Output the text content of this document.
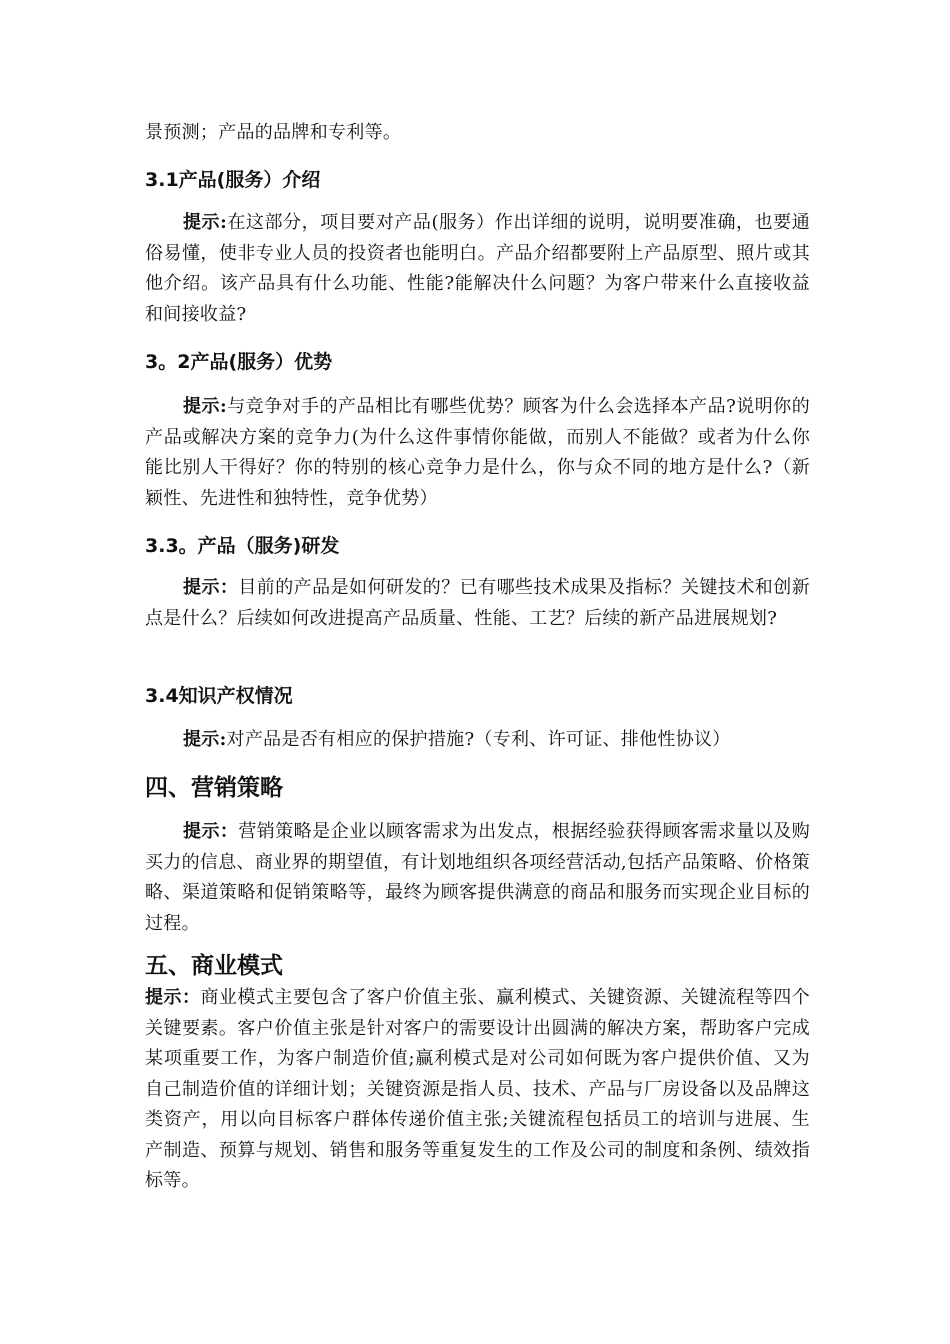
景预测；产品的品牌和专利等。

3.1产品(服务）介绍

提示:在这部分，项目要对产品(服务）作出详细的说明，说明要准确，也要通俗易懂，使非专业人员的投资者也能明白。产品介绍都要附上产品原型、照片或其他介绍。该产品具有什么功能、性能?能解决什么问题？为客户带来什么直接收益和间接收益?

3。2产品(服务）优势

提示:与竞争对手的产品相比有哪些优势？顾客为什么会选择本产品?说明你的产品或解决方案的竞争力(为什么这件事情你能做，而别人不能做？或者为什么你能比别人干得好？你的特别的核心竞争力是什么，你与众不同的地方是什么?（新颖性、先进性和独特性，竞争优势）

3.3。产品（服务)研发

提示：目前的产品是如何研发的？已有哪些技术成果及指标？关键技术和创新点是什么？后续如何改进提高产品质量、性能、工艺？后续的新产品进展规划?

3.4知识产权情况

提示:对产品是否有相应的保护措施?（专利、许可证、排他性协议）

四、营销策略

提示：营销策略是企业以顾客需求为出发点，根据经验获得顾客需求量以及购买力的信息、商业界的期望值，有计划地组织各项经营活动,包括产品策略、价格策略、渠道策略和促销策略等，最终为顾客提供满意的商品和服务而实现企业目标的过程。

五、商业模式

提示：商业模式主要包含了客户价值主张、赢利模式、关键资源、关键流程等四个关键要素。客户价值主张是针对客户的需要设计出圆满的解决方案，帮助客户完成某项重要工作，为客户制造价值;赢利模式是对公司如何既为客户提供价值、又为自己制造价值的详细计划；关键资源是指人员、技术、产品与厂房设备以及品牌这类资产，用以向目标客户群体传递价值主张;关键流程包括员工的培训与进展、生产制造、预算与规划、销售和服务等重复发生的工作及公司的制度和条例、绩效指标等。
